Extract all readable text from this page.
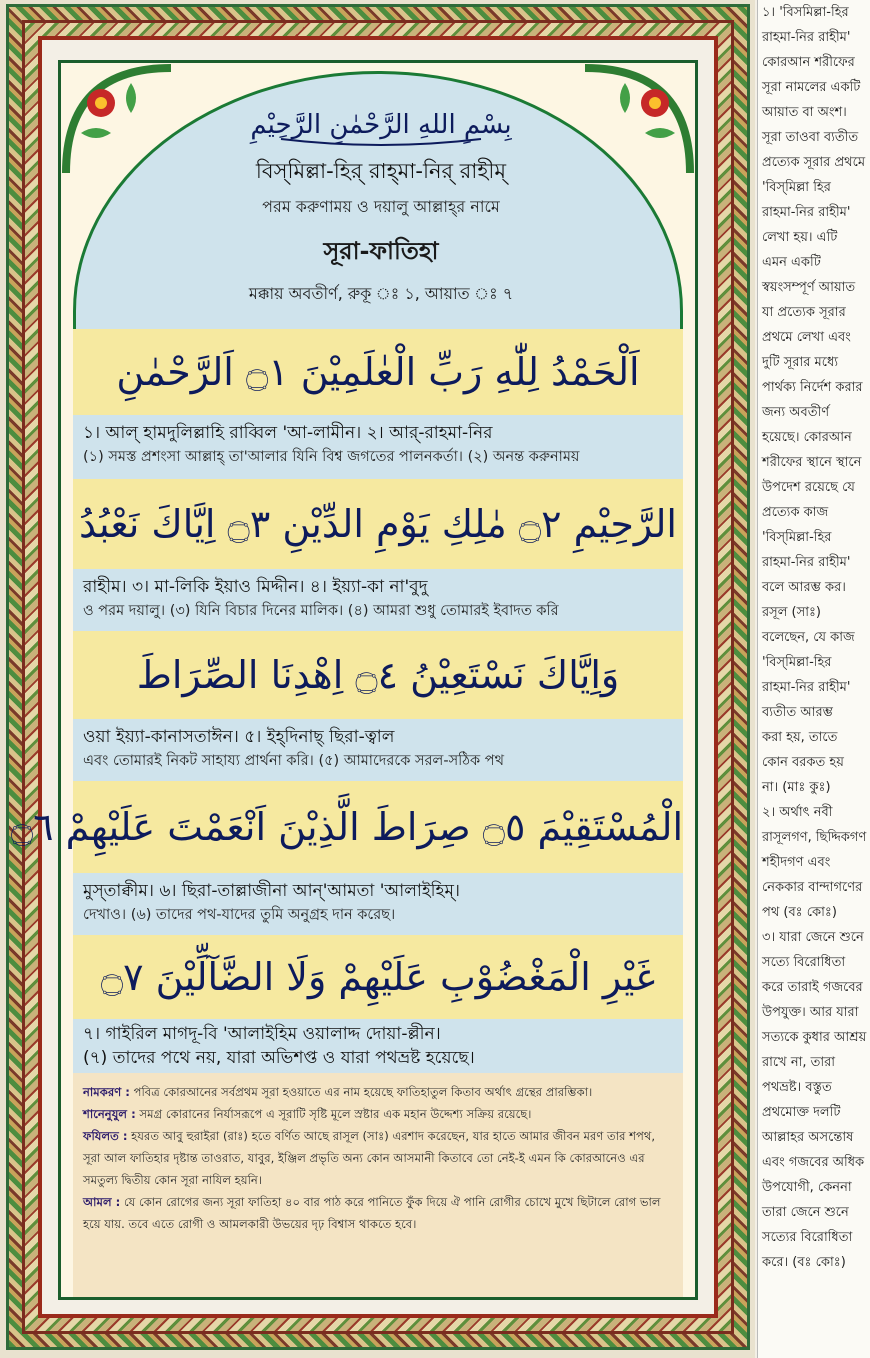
بِسْمِ اللهِ الرَّحْمٰنِ الرَّحِيْمِ
বিস্‌মিল্লা-হির্ রাহ্‌মা-নির্ রাহীম্
পরম করুণাময় ও দয়ালু আল্লাহ্‌র নামে
সূরা-ফাতিহা
মক্কায় অবতীর্ণ, রুকূ ঃ ১, আয়াত ঃ ৭
اَلْحَمْدُ لِلّٰهِ رَبِّ الْعٰلَمِيْنَ ۝١ اَلرَّحْمٰنِ
১। আল্ হামদুলিল্লাহি রাব্বিল 'আ-লামীন। ২। আর্-রাহমা-নির
(১) সমস্ত প্রশংসা আল্লাহ্ তা'আলার যিনি বিশ্ব জগতের পালনকর্তা। (২) অনন্ত করুনাময়
الرَّحِيْمِ ۝٢ مٰلِكِ يَوْمِ الدِّيْنِ ۝٣ اِيَّاكَ نَعْبُدُ
রাহীম। ৩। মা-লিকি ইয়াও মিদ্দীন। ৪। ইয়্যা-কা না'বুদু
ও পরম দয়ালু। (৩) যিনি বিচার দিনের মালিক। (৪) আমরা শুধু তোমারই ইবাদত করি
وَاِيَّاكَ نَسْتَعِيْنُ ۝٤ اِهْدِنَا الصِّرَاطَ
ওয়া ইয়্যা-কানাসতাঈন। ৫। ইহ্‌দিনাছ্ ছিরা-ত্বাল
এবং তোমারই নিকট সাহায্য প্রার্থনা করি। (৫) আমাদেরকে সরল-সঠিক পথ
الْمُسْتَقِيْمَ ۝٥ صِرَاطَ الَّذِيْنَ اَنْعَمْتَ عَلَيْهِمْ ۝٦
মুস্‌তাক্বীম। ৬। ছিরা-তাল্লাজীনা আন্'আমতা 'আলাইহিম্।
দেখাও। (৬) তাদের পথ-যাদের তুমি অনুগ্রহ দান করেছ।
غَيْرِ الْمَغْضُوْبِ عَلَيْهِمْ وَلَا الضَّآلِّيْنَ ۝٧
৭। গাইরিল মাগদূ-বি 'আলাইহিম ওয়ালাদ্দ দোয়া-ল্লীন।
(৭) তাদের পথে নয়, যারা অভিশপ্ত ও যারা পথভ্রষ্ট হয়েছে।

নামকরণ : পবিত্র কোরআনের সর্বপ্রথম সূরা হওয়াতে এর নাম হয়েছে ফাতিহাতুল কিতাব অর্থাৎ গ্রন্থের প্রারম্ভিকা।

শানেনুযুল : সমগ্র কোরানের নির্যাসরূপে এ সূরাটি সৃষ্টি মূলে স্রষ্টার এক মহান উদ্দেশ্য সক্রিয় রয়েছে।

ফযিলত : হযরত আবু হুরাইরা (রাঃ) হতে বর্ণিত আছে রাসূল (সাঃ) এরশাদ করেছেন, যার হাতে আমার জীবন মরণ তার শপথ, সূরা আল ফাতিহার দৃষ্টান্ত তাওরাত, যাবুর, ইঞ্জিল প্রভৃতি অন্য কোন আসমানী কিতাবে তো নেই-ই এমন কি কোরআনেও এর সমতুল্য দ্বিতীয় কোন সূরা নাযিল হয়নি।

আমল : যে কোন রোগের জন্য সূরা ফাতিহা ৪০ বার পাঠ করে পানিতে ফুঁক দিয়ে ঐ পানি রোগীর চোখে মুখে ছিটালে রোগ ভাল হয়ে যায়. তবে এতে রোগী ও আমলকারী উভয়ের দৃঢ় বিশ্বাস থাকতে হবে।

১। 'বিসমিল্লা-হির

রাহমা-নির রাহীম'

কোরআন শরীফের

সূরা নামলের একটি

আয়াত বা অংশ।

সূরা তাওবা ব্যতীত

প্রত্যেক সূরার প্রথমে

'বিস্‌মিল্লা হির

রাহমা-নির রাহীম'

লেখা হয়। এটি

এমন একটি

স্বয়ংসম্পূর্ণ আয়াত

যা প্রত্যেক সূরার

প্রথমে লেখা এবং

দুটি সূরার মধ্যে

পার্থক্য নির্দেশ করার

জন্য অবতীর্ণ

হয়েছে। কোরআন

শরীফের স্থানে স্থানে

উপদেশ রয়েছে যে

প্রত্যেক কাজ

'বিস্‌মিল্লা-হির

রাহমা-নির রাহীম'

বলে আরম্ভ কর।

রসূল (সাঃ)

বলেছেন, যে কাজ

'বিস্‌মিল্লা-হির

রাহমা-নির রাহীম'

ব্যতীত আরম্ভ

করা হয়, তাতে

কোন বরকত হয়

না। (মাঃ কুঃ)

২। অর্থাৎ নবী

রাসূলগণ, ছিদ্দিকগণ

শহীদগণ এবং

নেককার বান্দাগণের

পথ (বঃ কোঃ)

৩। যারা জেনে শুনে

সত্যে বিরোধিতা

করে তারাই গজবের

উপযুক্ত। আর যারা

সত্যকে কুধার আশ্রয়

রাখে না, তারা

পথভ্রষ্ট। বস্তুত

প্রথমোক্ত দলটি

আল্লাহর অসন্তোষ

এবং গজবের অধিক

উপযোগী, কেননা

তারা জেনে শুনে

সত্যের বিরোধিতা

করে। (বঃ কোঃ)
